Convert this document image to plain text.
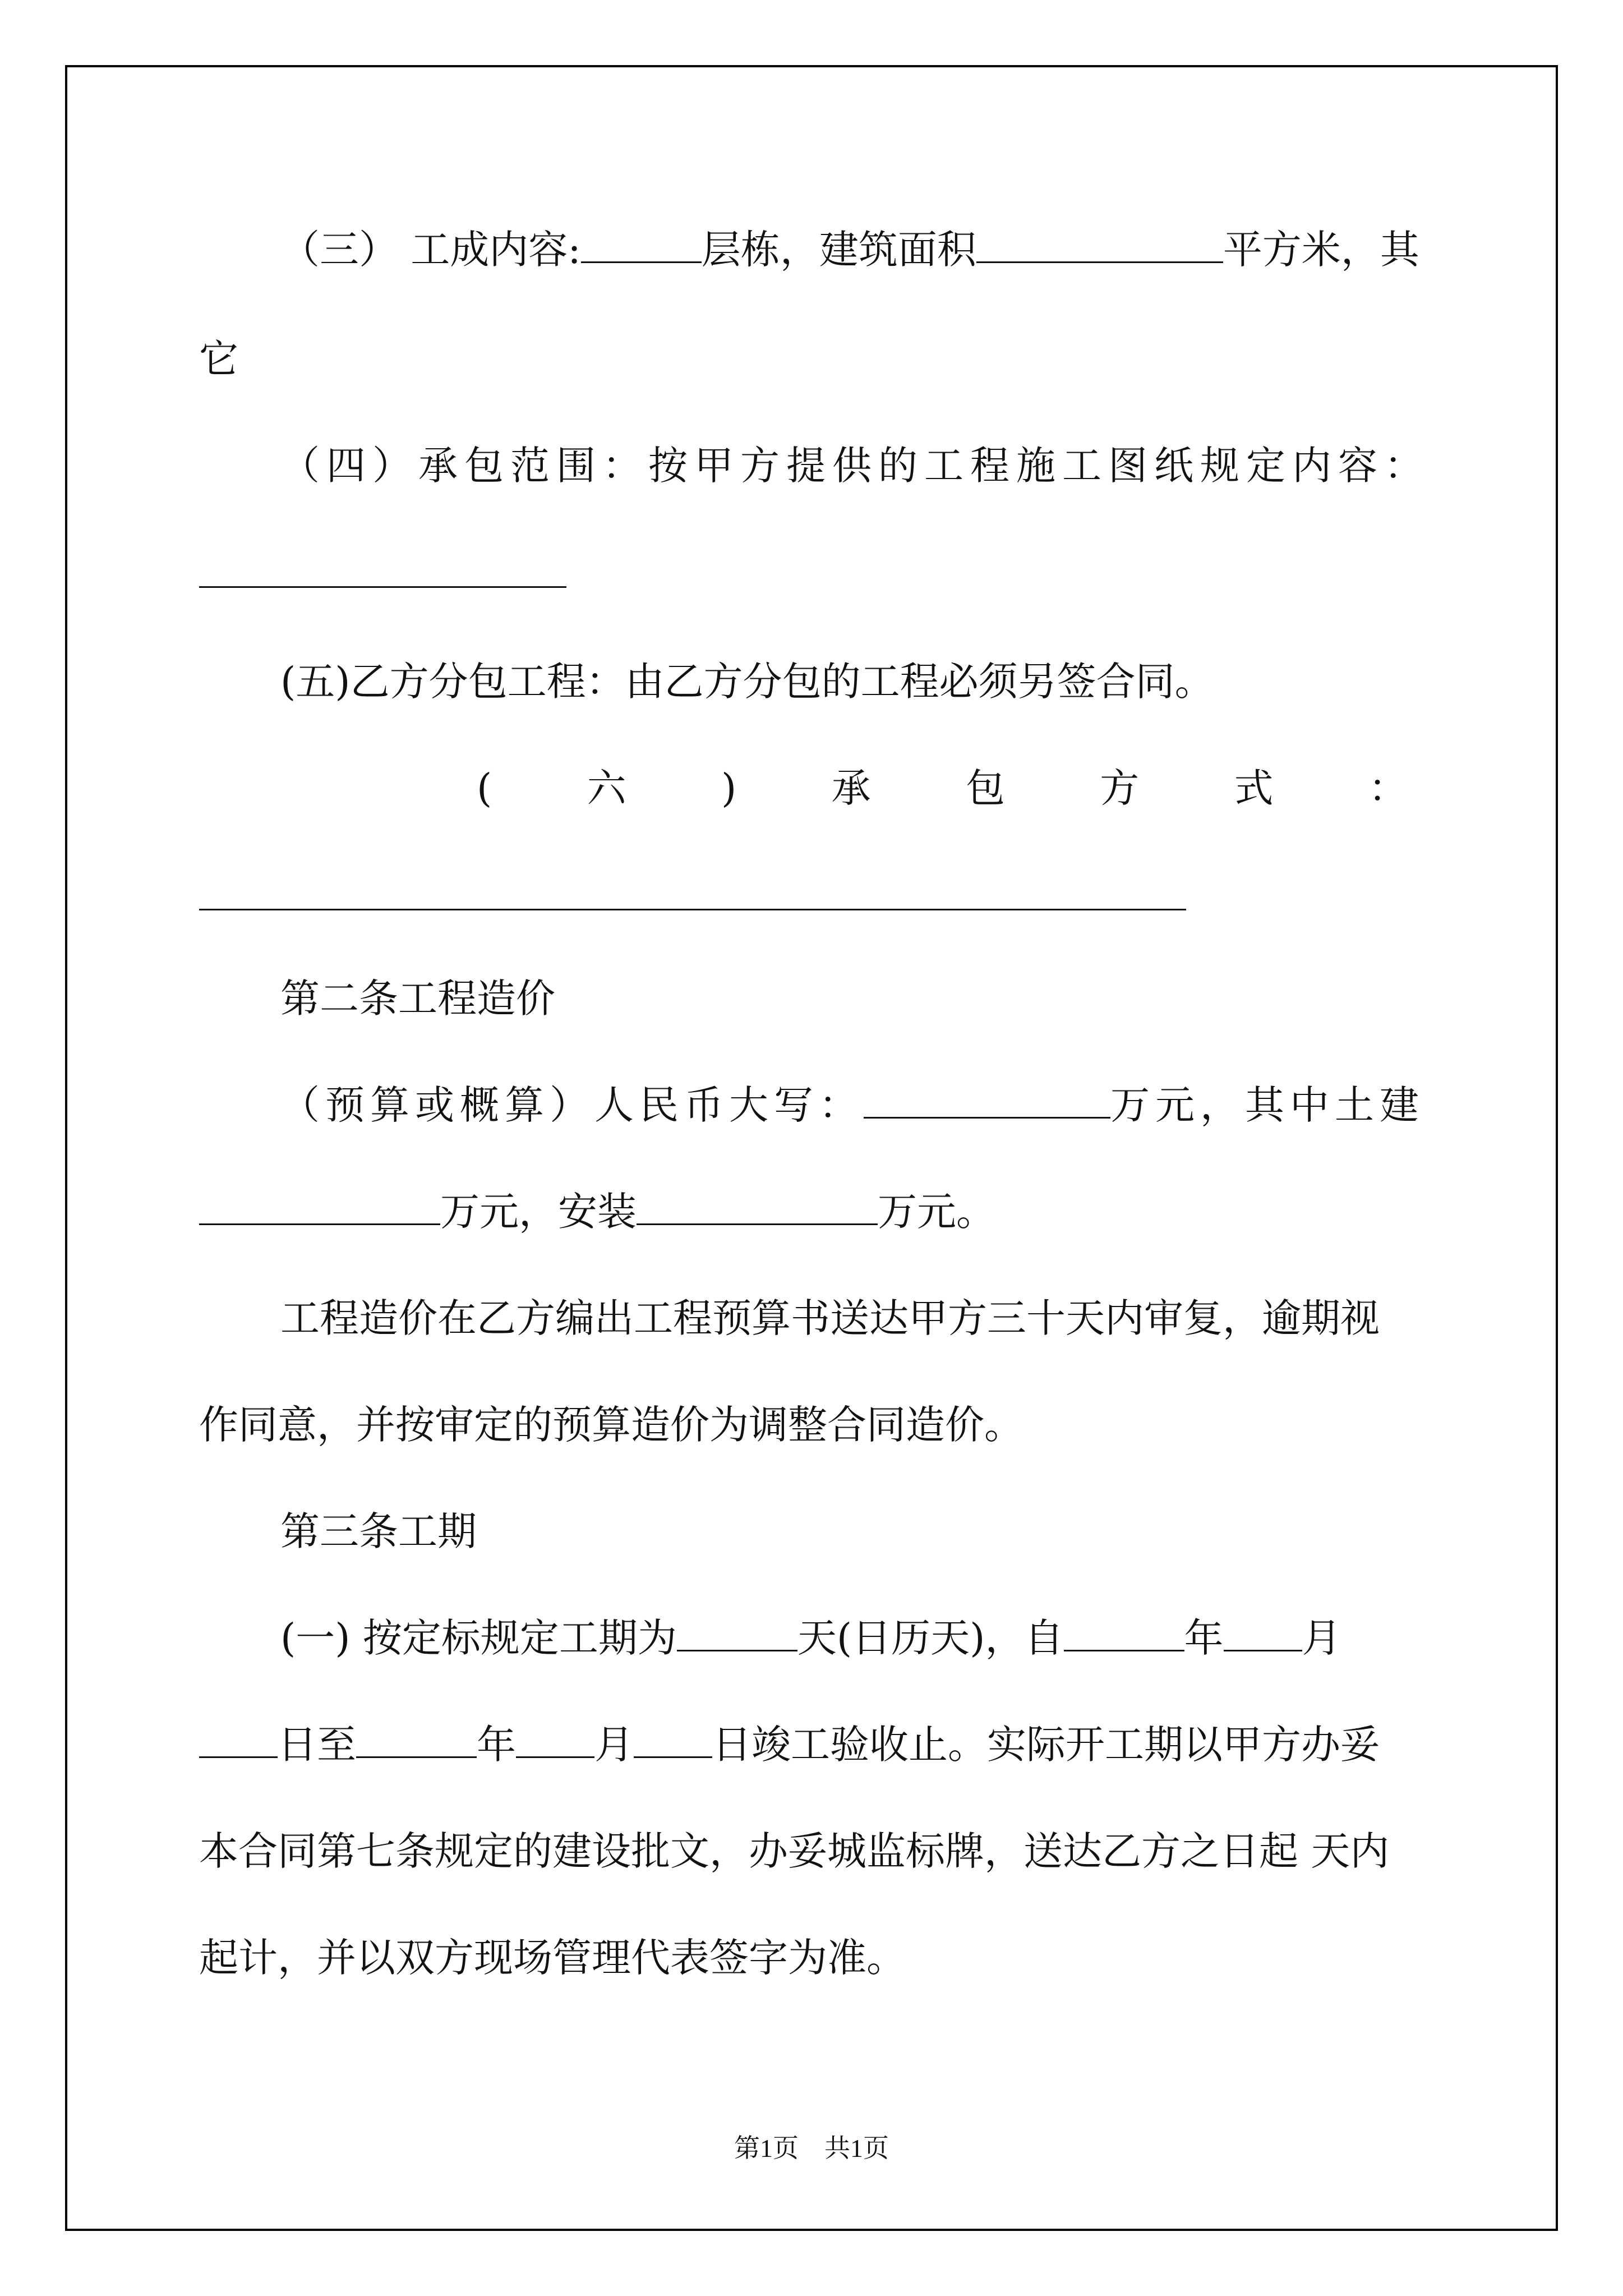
（三） 工成内容:	层栋，建筑面积	平方米，其

它

（四）承包范围：按甲方提供的工程施工图纸规定内容：

(五)乙方分包工程：由乙方分包的工程必须另签合同。

( 六 ) 承 包 方 式 ：

第二条工程造价

（预算或概算）人民币大写：	万元，其中土建

万元，安装	万元。

工程造价在乙方编出工程预算书送达甲方三十天内审复，逾期视

作同意，并按审定的预算造价为调整合同造价。

第三条工期

(一) 按定标规定工期为	天(日历天)，自	年 月

日至	年 月 日竣工验收止。实际开工期以甲方办妥

本合同第七条规定的建设批文，办妥城监标牌，送达乙方之日起 天内

起计，并以双方现场管理代表签字为准。

第1页　共1页
